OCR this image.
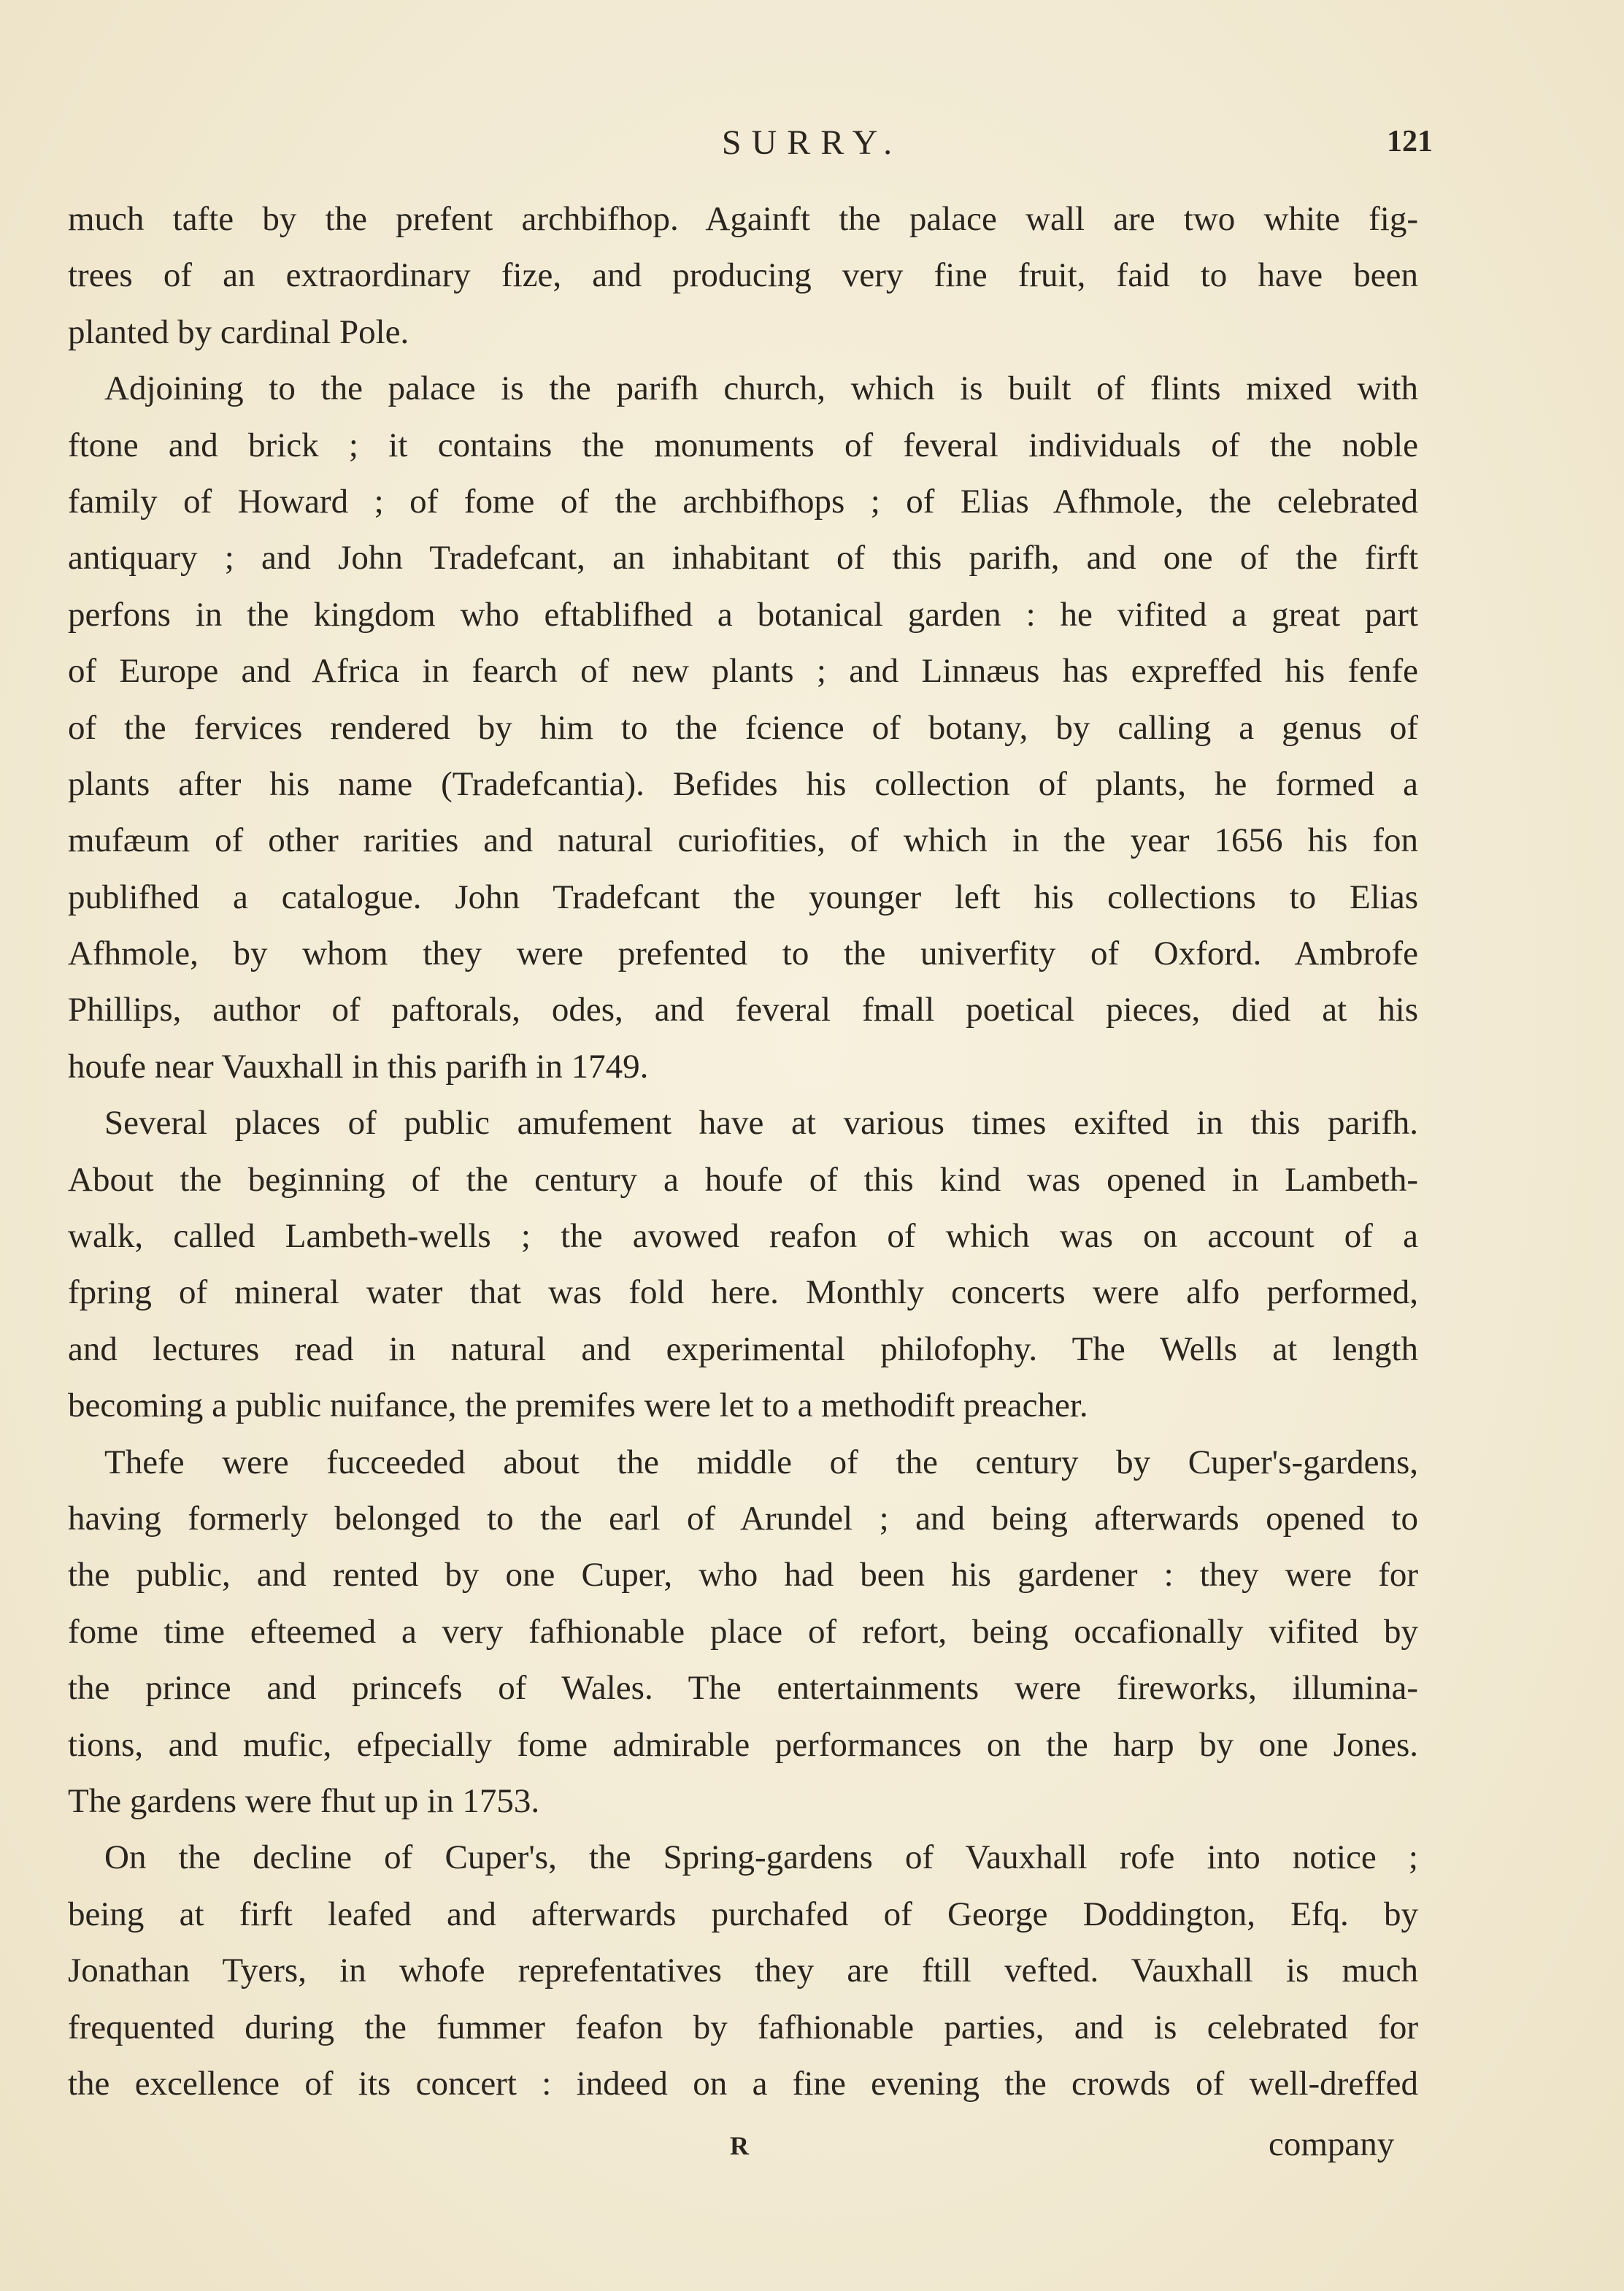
SURRY.	121
much tafte by the prefent archbifhop. Againft the palace wall are two white fig-
trees of an extraordinary fize, and producing very fine fruit, faid to have been
planted by cardinal Pole.
Adjoining to the palace is the parifh church, which is built of flints mixed with
ftone and brick ; it contains the monuments of feveral individuals of the noble
family of Howard ; of fome of the archbifhops ; of Elias Afhmole, the celebrated
antiquary ; and John Tradefcant, an inhabitant of this parifh, and one of the firft
perfons in the kingdom who eftablifhed a botanical garden : he vifited a great part
of Europe and Africa in fearch of new plants ; and Linnæus has expreffed his fenfe
of the fervices rendered by him to the fcience of botany, by calling a genus of
plants after his name (Tradefcantia). Befides his collection of plants, he formed a
mufæum of other rarities and natural curiofities, of which in the year 1656 his fon
publifhed a catalogue. John Tradefcant the younger left his collections to Elias
Afhmole, by whom they were prefented to the univerfity of Oxford. Ambrofe
Phillips, author of paftorals, odes, and feveral fmall poetical pieces, died at his
houfe near Vauxhall in this parifh in 1749.
Several places of public amufement have at various times exifted in this parifh.
About the beginning of the century a houfe of this kind was opened in Lambeth-
walk, called Lambeth-wells ; the avowed reafon of which was on account of a
fpring of mineral water that was fold here. Monthly concerts were alfo performed,
and lectures read in natural and experimental philofophy. The Wells at length
becoming a public nuifance, the premifes were let to a methodift preacher.
Thefe were fucceeded about the middle of the century by Cuper's-gardens,
having formerly belonged to the earl of Arundel ; and being afterwards opened to
the public, and rented by one Cuper, who had been his gardener : they were for
fome time efteemed a very fafhionable place of refort, being occafionally vifited by
the prince and princefs of Wales. The entertainments were fireworks, illumina-
tions, and mufic, efpecially fome admirable performances on the harp by one Jones.
The gardens were fhut up in 1753.
On the decline of Cuper's, the Spring-gardens of Vauxhall rofe into notice ;
being at firft leafed and afterwards purchafed of George Doddington, Efq. by
Jonathan Tyers, in whofe reprefentatives they are ftill vefted. Vauxhall is much
frequented during the fummer feafon by fafhionable parties, and is celebrated for
the excellence of its concert : indeed on a fine evening the crowds of well-dreffed
R	company
